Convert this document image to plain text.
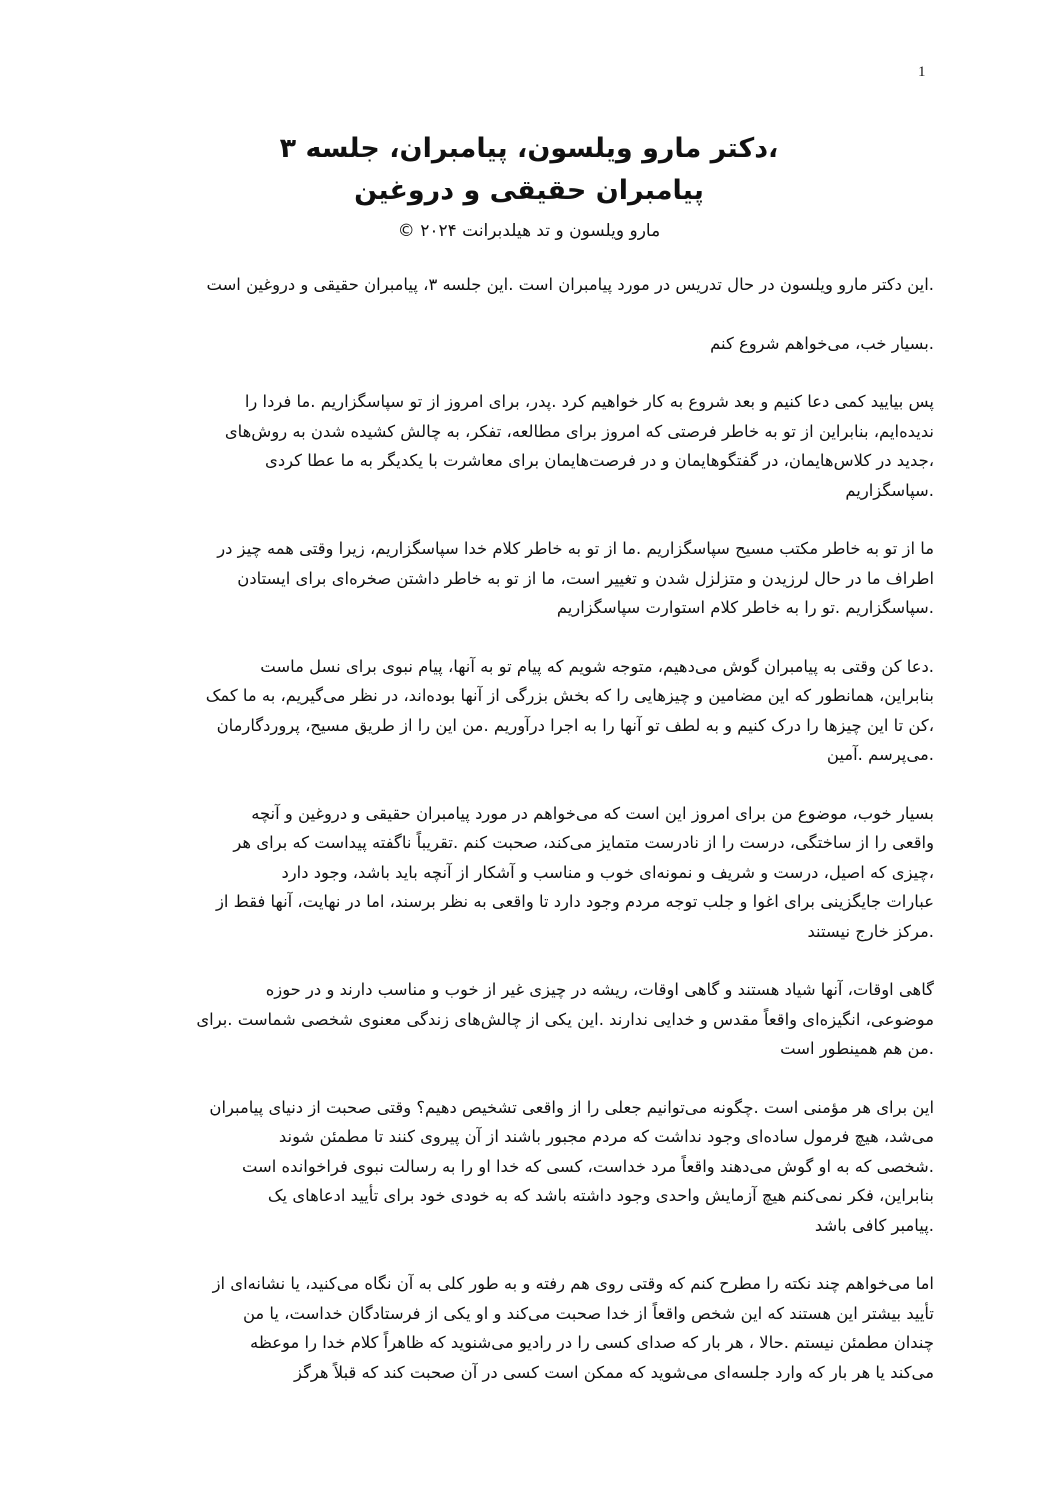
1
،دکتر مارو ویلسون، پیامبران، جلسه ۳
پیامبران حقیقی و دروغین
مارو ویلسون و تد هیلدبرانت ۲۰۲۴ ©

.این دکتر مارو ویلسون در حال تدریس در مورد پیامبران است .این جلسه ۳، پیامبران حقیقی و دروغین است

.بسیار خب، می‌خواهم شروع کنم

پس بیایید کمی دعا کنیم و بعد شروع به کار خواهیم کرد .پدر، برای امروز از تو سپاسگزاریم .ما فردا را
ندیده‌ایم، بنابراین از تو به خاطر فرصتی که امروز برای مطالعه، تفکر، به چالش کشیده شدن به روش‌های
،جدید در کلاس‌هایمان، در گفتگوهایمان و در فرصت‌هایمان برای معاشرت با یکدیگر به ما عطا کردی
.سپاسگزاریم

ما از تو به خاطر مکتب مسیح سپاسگزاریم .ما از تو به خاطر کلام خدا سپاسگزاریم، زیرا وقتی همه چیز در
اطراف ما در حال لرزیدن و متزلزل شدن و تغییر است، ما از تو به خاطر داشتن صخره‌ای برای ایستادن
.سپاسگزاریم .تو را به خاطر کلام استوارت سپاسگزاریم

.دعا کن وقتی به پیامبران گوش می‌دهیم، متوجه شویم که پیام تو به آنها، پیام نبوی برای نسل ماست
بنابراین، همانطور که این مضامین و چیزهایی را که بخش بزرگی از آنها بوده‌اند، در نظر می‌گیریم، به ما کمک
،کن تا این چیزها را درک کنیم و به لطف تو آنها را به اجرا درآوریم .من این را از طریق مسیح، پروردگارمان
.می‌پرسم .آمین

بسیار خوب، موضوع من برای امروز این است که می‌خواهم در مورد پیامبران حقیقی و دروغین و آنچه
واقعی را از ساختگی، درست را از نادرست متمایز می‌کند، صحبت کنم .تقریباً ناگفته پیداست که برای هر
،چیزی که اصیل، درست و شریف و نمونه‌ای خوب و مناسب و آشکار از آنچه باید باشد، وجود دارد
عبارات جایگزینی برای اغوا و جلب توجه مردم وجود دارد تا واقعی به نظر برسند، اما در نهایت، آنها فقط از
.مرکز خارج نیستند

گاهی اوقات، آنها شیاد هستند و گاهی اوقات، ریشه در چیزی غیر از خوب و مناسب دارند و در حوزه
موضوعی، انگیزه‌ای واقعاً مقدس و خدایی ندارند .این یکی از چالش‌های زندگی معنوی شخصی شماست .برای
.من هم همینطور است

این برای هر مؤمنی است .چگونه می‌توانیم جعلی را از واقعی تشخیص دهیم؟ وقتی صحبت از دنیای پیامبران
می‌شد، هیچ فرمول ساده‌ای وجود نداشت که مردم مجبور باشند از آن پیروی کنند تا مطمئن شوند
.شخصی که به او گوش می‌دهند واقعاً مرد خداست، کسی که خدا او را به رسالت نبوی فراخوانده است
بنابراین، فکر نمی‌کنم هیچ آزمایش واحدی وجود داشته باشد که به خودی خود برای تأیید ادعاهای یک
.پیامبر کافی باشد

اما می‌خواهم چند نکته را مطرح کنم که وقتی روی هم رفته و به طور کلی به آن نگاه می‌کنید، یا نشانه‌ای از
تأیید بیشتر این هستند که این شخص واقعاً از خدا صحبت می‌کند و او یکی از فرستادگان خداست، یا من
چندان مطمئن نیستم .حالا ، هر بار که صدای کسی را در رادیو می‌شنوید که ظاهراً کلام خدا را موعظه
می‌کند یا هر بار که وارد جلسه‌ای می‌شوید که ممکن است کسی در آن صحبت کند که قبلاً هرگز
